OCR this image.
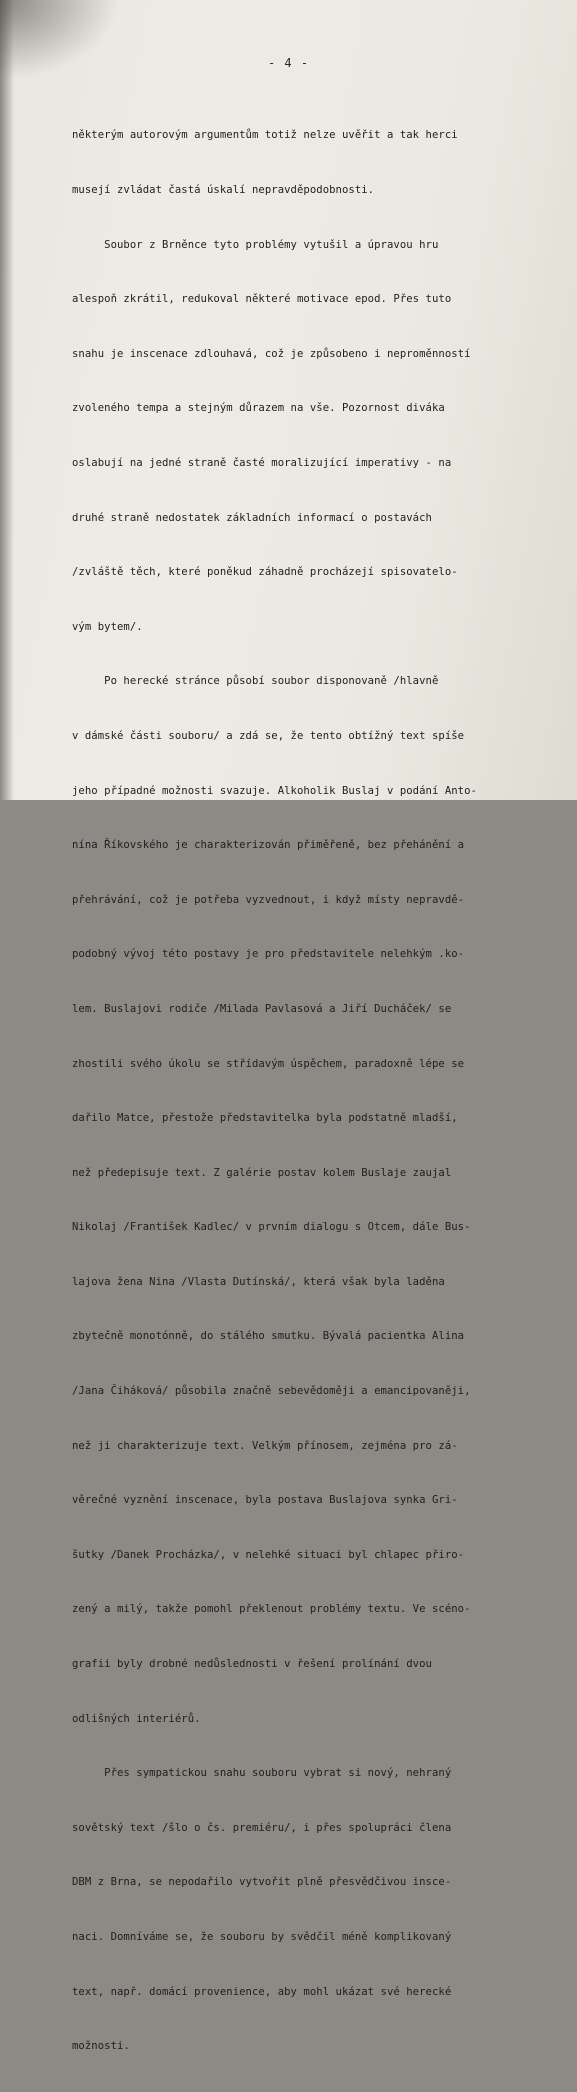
- 4 -

některým autorovým argumentům totiž nelze uvěřit a tak herci

musejí zvládat častá úskalí nepravděpodobnosti.

Soubor z Brněnce tyto problémy vytušil a úpravou hru

alespoň zkrátil, redukoval některé motivace epod. Přes tuto

snahu je inscenace zdlouhavá, což je způsobeno i neproměnností

zvoleného tempa a stejným důrazem na vše. Pozornost diváka

oslabují na jedné straně časté moralizující imperativy - na

druhé straně nedostatek základních informací o postavách

/zvláště těch, které poněkud záhadně procházejí spisovatelo-

vým bytem/.

Po herecké stránce působí soubor disponovaně /hlavně

v dámské části souboru/ a zdá se, že tento obtížný text spíše

jeho případné možnosti svazuje. Alkoholik Buslaj v podání Anto-

nína Říkovského je charakterizován přiměřeně, bez přehánění a

přehrávání, což je potřeba vyzvednout, i když místy nepravdě-

podobný vývoj této postavy je pro představitele nelehkým .ko-

lem. Buslajovi rodiče /Milada Pavlasová a Jiří Ducháček/ se

zhostili svého úkolu se střídavým úspěchem, paradoxně lépe se

dařilo Matce, přestože představitelka byla podstatně mladší,

než předepisuje text. Z galérie postav kolem Buslaje zaujal

Nikolaj /František Kadlec/ v prvním dialogu s Otcem, dále Bus-

lajova žena Nina /Vlasta Dutínská/, která však byla laděna

zbytečně monotónně, do stálého smutku. Bývalá pacientka Alina

/Jana Čiháková/ působila značně sebevědoměji a emancipovaněji,

než ji charakterizuje text. Velkým přínosem, zejména pro zá-

věrečné vyznění inscenace, byla postava Buslajova synka Gri-

šutky /Danek Procházka/, v nelehké situaci byl chlapec přiro-

zený a milý, takže pomohl překlenout problémy textu. Ve scéno-

grafii byly drobné nedůslednosti v řešení prolínání dvou

odlišných interiérů.

Přes sympatickou snahu souboru vybrat si nový, nehraný

sovětský text /šlo o čs. premiéru/, i přes spolupráci člena

DBM z Brna, se nepodařilo vytvořit plně přesvědčivou insce-

naci. Domníváme se, že souboru by svědčil méně komplikovaný

text, např. domácí provenience, aby mohl ukázat své herecké

možnosti.
